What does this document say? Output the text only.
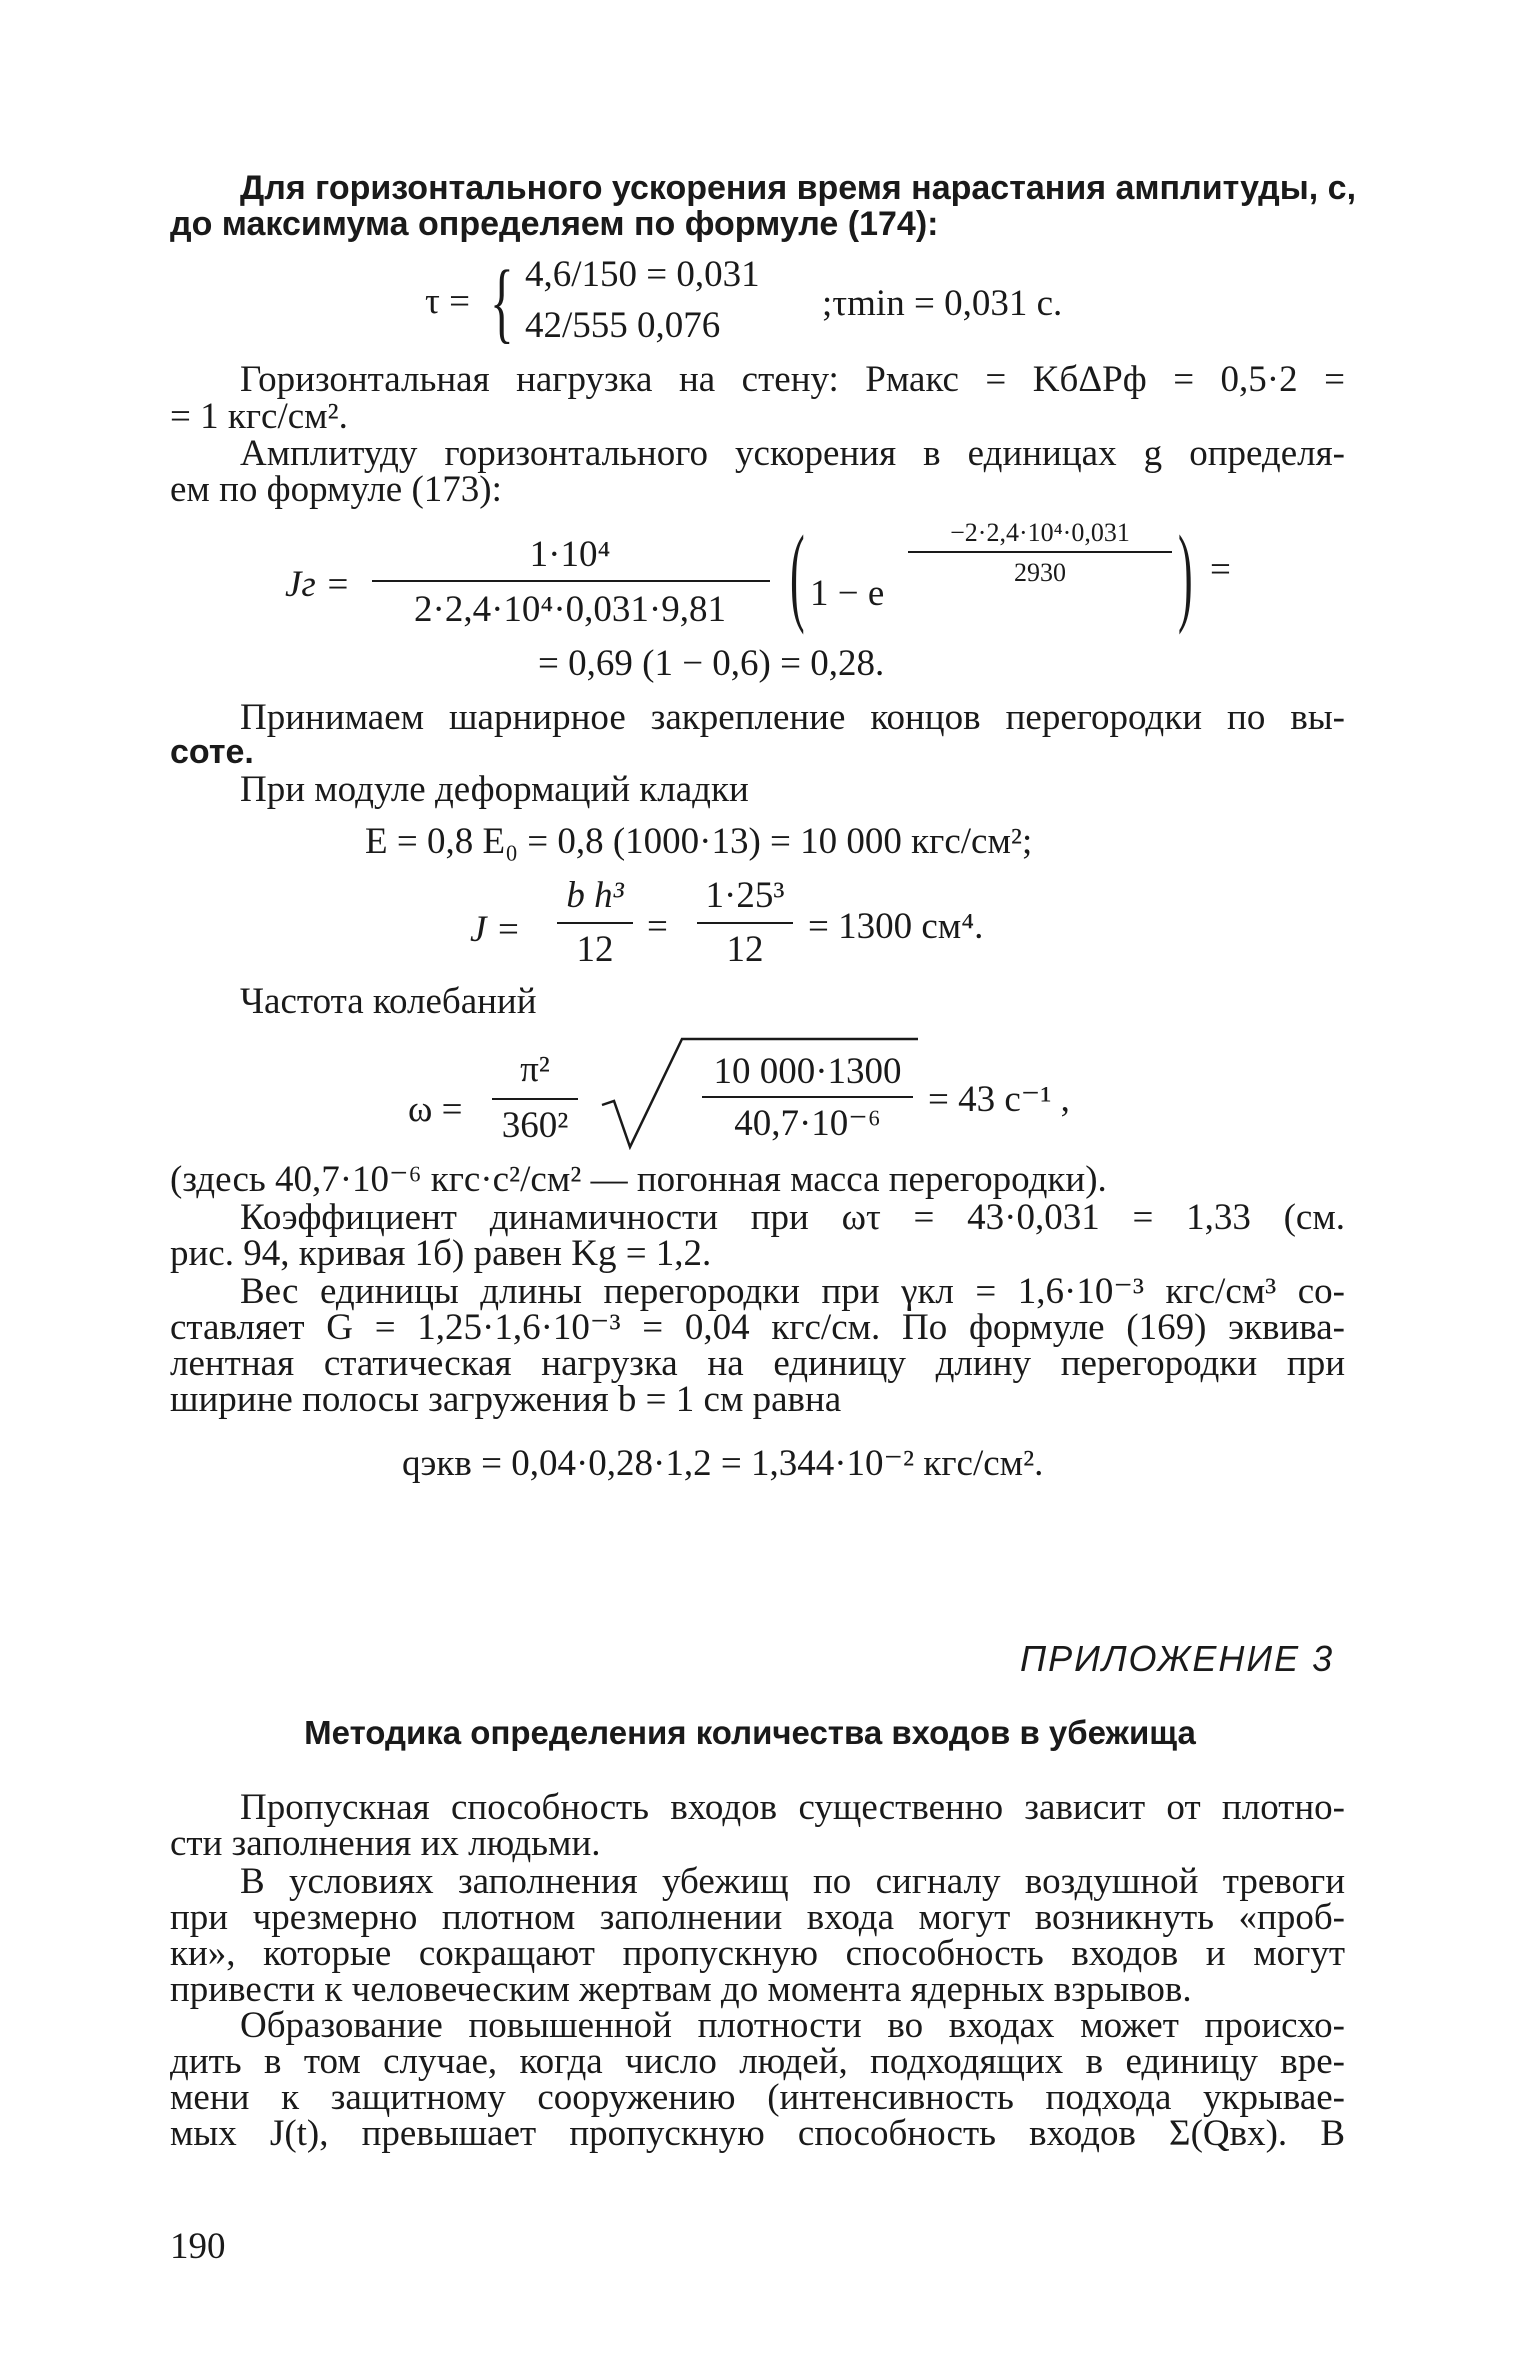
Для горизонтального ускорения время нарастания амплитуды, с,
до максимума определяем по формуле (174):
τ = { 4,6/150 = 0,031
42/555 0,076
;τmin = 0,031 с.
Горизонтальная нагрузка на стену: Pмакс = KбΔPф = 0,5·2 =
= 1 кгс/см².
Амплитуду горизонтального ускорения в единицах g определя-
ем по формуле (173):
Jг =
1·10⁴
2·2,4·10⁴·0,031·9,81 ( 1 − e
−2·2,4·10⁴·0,031
2930	) =
= 0,69 (1 − 0,6) = 0,28.
Принимаем шарнирное закрепление концов перегородки по вы-
соте.
При модуле деформаций кладки
E = 0,8 E₀ = 0,8 (1000·13) = 10 000 кгс/см²;
J =
b h³
12
=
1·25³
12
= 1300 см⁴.
Частота колебаний
ω =
π²
360²
10 000·1300
40,7·10⁻⁶
= 43 с⁻¹ ,
(здесь 40,7·10⁻⁶ кгс·с²/см² — погонная масса перегородки).
Коэффициент динамичности при ωτ = 43·0,031 = 1,33 (см.
рис. 94, кривая 1б) равен Kg = 1,2.
Вес единицы длины перегородки при γкл = 1,6·10⁻³ кгс/см³ со-
ставляет G = 1,25·1,6·10⁻³ = 0,04 кгс/см. По формуле (169) эквива-
лентная статическая нагрузка на единицу длину перегородки при
ширине полосы загружения b = 1 см равна
qэкв = 0,04·0,28·1,2 = 1,344·10⁻² кгс/см².
ПРИЛОЖЕНИЕ 3
Методика определения количества входов в убежища
Пропускная способность входов существенно зависит от плотно-
сти заполнения их людьми.
В условиях заполнения убежищ по сигналу воздушной тревоги
при чрезмерно плотном заполнении входа могут возникнуть «проб-
ки», которые сокращают пропускную способность входов и могут
привести к человеческим жертвам до момента ядерных взрывов.
Образование повышенной плотности во входах может происхо-
дить в том случае, когда число людей, подходящих в единицу вре-
мени к защитному сооружению (интенсивность подхода укрывае-
мых J(t), превышает пропускную способность входов Σ(Qвх). В
190
